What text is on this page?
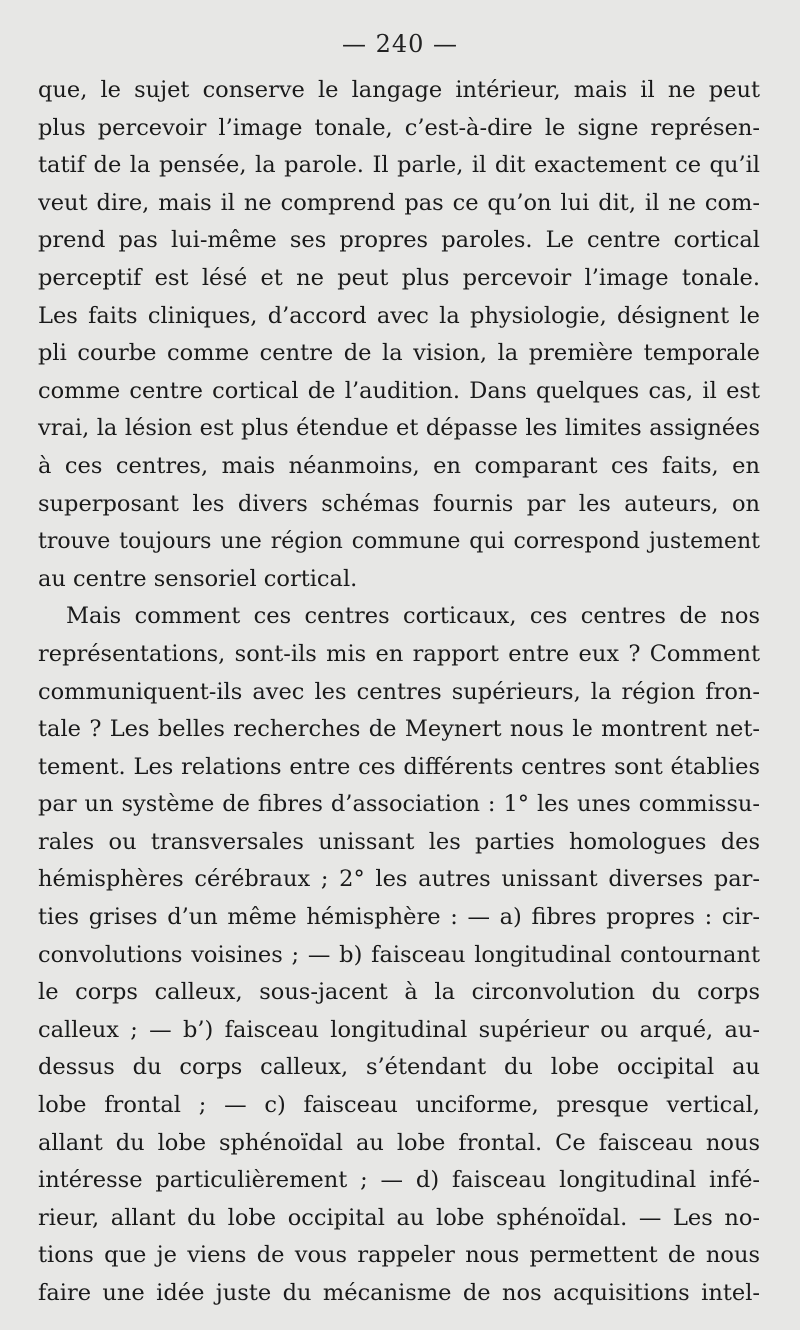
— 240 —
que, le sujet conserve le langage intérieur, mais il ne peut
plus percevoir l’image tonale, c’est-à-dire le signe représen-
tatif de la pensée, la parole. Il parle, il dit exactement ce qu’il
veut dire, mais il ne comprend pas ce qu’on lui dit, il ne com-
prend pas lui-même ses propres paroles. Le centre cortical
perceptif est lésé et ne peut plus percevoir l’image tonale.
Les faits cliniques, d’accord avec la physiologie, désignent le
pli courbe comme centre de la vision, la première temporale
comme centre cortical de l’audition. Dans quelques cas, il est
vrai, la lésion est plus étendue et dépasse les limites assignées
à ces centres, mais néanmoins, en comparant ces faits, en
superposant les divers schémas fournis par les auteurs, on
trouve toujours une région commune qui correspond justement
au centre sensoriel cortical.
Mais comment ces centres corticaux, ces centres de nos
représentations, sont-ils mis en rapport entre eux ? Comment
communiquent-ils avec les centres supérieurs, la région fron-
tale ? Les belles recherches de Meynert nous le montrent net-
tement. Les relations entre ces différents centres sont établies
par un système de fibres d’association : 1° les unes commissu-
rales ou transversales unissant les parties homologues des
hémisphères cérébraux ; 2° les autres unissant diverses par-
ties grises d’un même hémisphère : — a) fibres propres : cir-
convolutions voisines ; — b) faisceau longitudinal contournant
le corps calleux, sous-jacent à la circonvolution du corps
calleux ; — b’) faisceau longitudinal supérieur ou arqué, au-
dessus du corps calleux, s’étendant du lobe occipital au
lobe frontal ; — c) faisceau unciforme, presque vertical,
allant du lobe sphénoïdal au lobe frontal. Ce faisceau nous
intéresse particulièrement ; — d) faisceau longitudinal infé-
rieur, allant du lobe occipital au lobe sphénoïdal. — Les no-
tions que je viens de vous rappeler nous permettent de nous
faire une idée juste du mécanisme de nos acquisitions intel-
